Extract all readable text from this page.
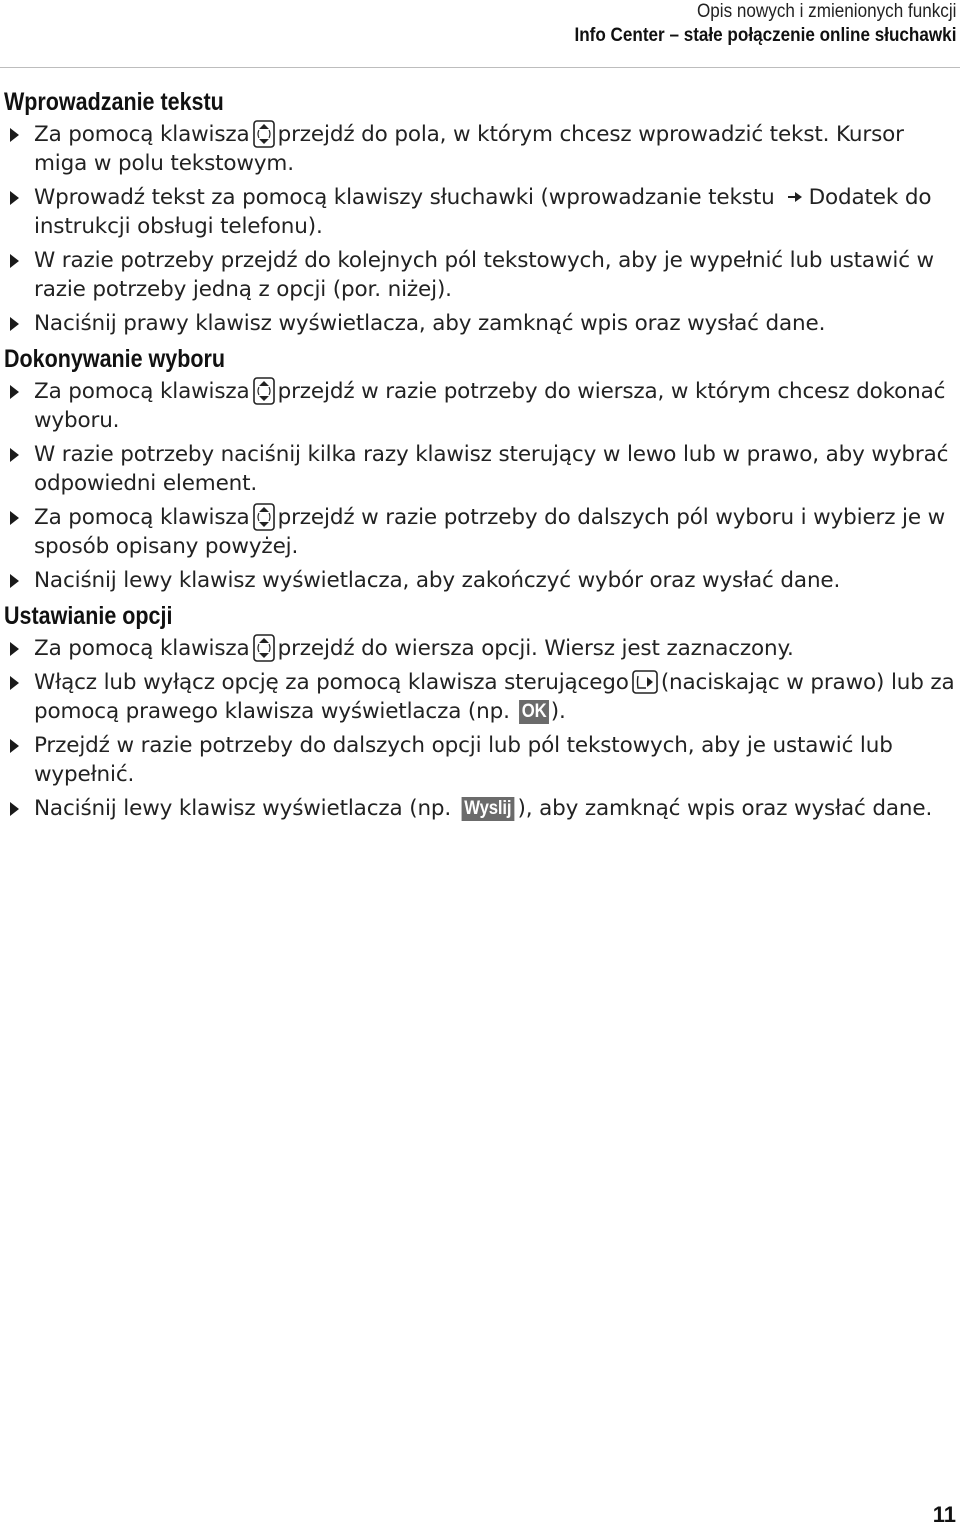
Opis nowych i zmienionych funkcji
Info Center – stałe połączenie online słuchawki
Wprowadzanie tekstu
Za pomocą klawisza przejdź do pola, w którym chcesz wprowadzić tekst. Kursor miga w polu tekstowym.
Wprowadź tekst za pomocą klawiszy słuchawki (wprowadzanie tekstu Dodatek do instrukcji obsługi telefonu).
W razie potrzeby przejdź do kolejnych pól tekstowych, aby je wypełnić lub ustawić w razie potrzeby jedną z opcji (por. niżej).
Naciśnij prawy klawisz wyświetlacza, aby zamknąć wpis oraz wysłać dane.
Dokonywanie wyboru
Za pomocą klawisza przejdź w razie potrzeby do wiersza, w którym chcesz dokonać wyboru.
W razie potrzeby naciśnij kilka razy klawisz sterujący w lewo lub w prawo, aby wybrać odpowiedni element.
Za pomocą klawisza przejdź w razie potrzeby do dalszych pól wyboru i wybierz je w sposób opisany powyżej.
Naciśnij lewy klawisz wyświetlacza, aby zakończyć wybór oraz wysłać dane.
Ustawianie opcji
Za pomocą klawisza przejdź do wiersza opcji. Wiersz jest zaznaczony.
Włącz lub wyłącz opcję za pomocą klawisza sterującego (naciskając w prawo) lub za pomocą prawego klawisza wyświetlacza (np. OK ).
Przejdź w razie potrzeby do dalszych opcji lub pól tekstowych, aby je ustawić lub wypełnić.
Naciśnij lewy klawisz wyświetlacza (np. Wyslij ), aby zamknąć wpis oraz wysłać dane.
11
